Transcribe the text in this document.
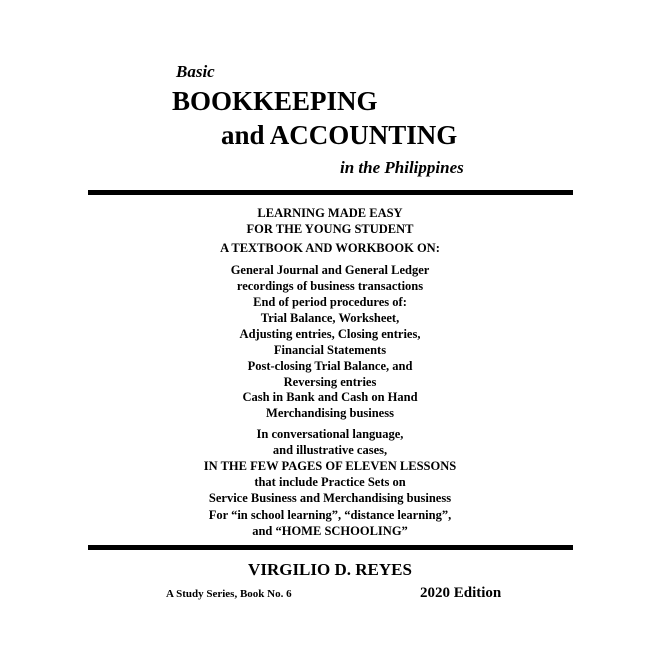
Basic
BOOKKEEPING
and ACCOUNTING
in the Philippines
LEARNING MADE EASY
FOR THE YOUNG STUDENT
A TEXTBOOK AND WORKBOOK ON:
General Journal and General Ledger
recordings of business transactions
End of period procedures of:
Trial Balance, Worksheet,
Adjusting entries, Closing entries,
Financial Statements
Post-closing Trial Balance, and
Reversing entries
Cash in Bank and Cash on Hand
Merchandising business
In conversational language,
and illustrative cases,
IN THE FEW PAGES OF ELEVEN LESSONS
that include Practice Sets on
Service Business and Merchandising business
For “in school learning”, “distance learning”,
and “HOME SCHOOLING”
VIRGILIO D. REYES
A Study Series, Book No. 6	2020 Edition
